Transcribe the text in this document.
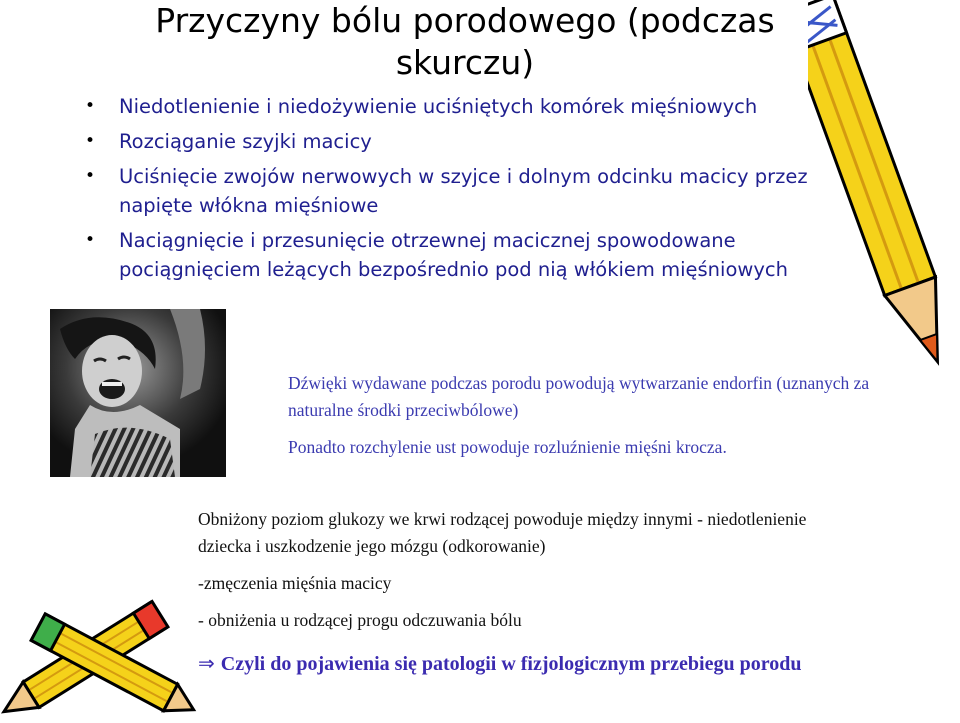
Przyczyny bólu porodowego (podczas skurczu)
• Niedotlenienie i niedożywienie uciśniętych komórek mięśniowych
• Rozciąganie szyjki macicy
• Uciśnięcie zwojów nerwowych w szyjce i dolnym odcinku macicy przez napięte włókna mięśniowe
• Naciągnięcie i przesunięcie otrzewnej macicznej spowodowane pociągnięciem leżących bezpośrednio pod nią włókiem mięśniowych

Dźwięki wydawane podczas porodu powodują wytwarzanie endorfin (uznanych za naturalne środki przeciwbólowe)

Ponadto rozchylenie ust powoduje rozluźnienie mięśni krocza.

Obniżony poziom glukozy we krwi rodzącej powoduje między innymi - niedotlenienie dziecka i uszkodzenie jego mózgu (odkorowanie)

-zmęczenia mięśnia macicy

- obniżenia u rodzącej progu odczuwania bólu

⇒ Czyli do pojawienia się patologii w fizjologicznym przebiegu porodu
